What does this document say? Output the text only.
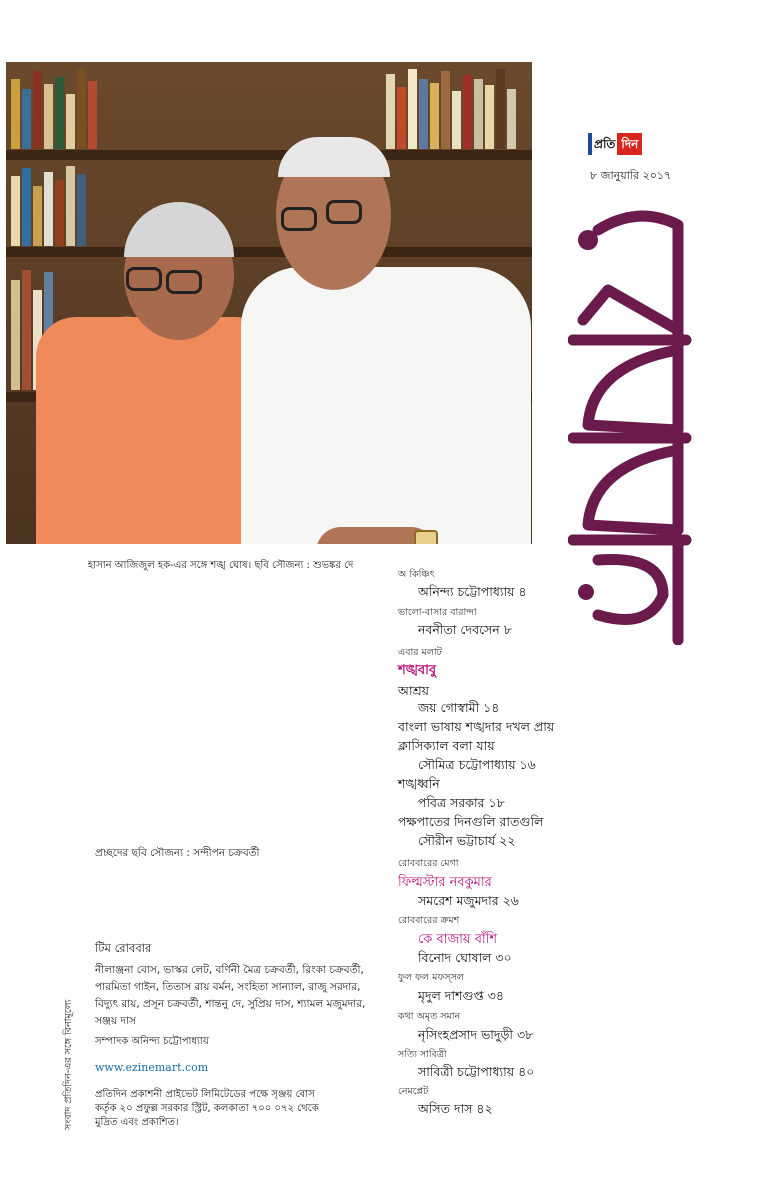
হাসান আজিজুল হক-এর সঙ্গে শঙ্খ ঘোষ। ছবি সৌজন্য : শুভঙ্কর দে
প্রতি দিন
৮ জানুয়ারি ২০১৭
অ কিঞ্চিৎ
অনিন্দ্য চট্টোপাধ্যায় ৪
ভালো-বাসার বারান্দা
নবনীতা দেবসেন ৮
এবার মলাট
শঙ্খবাবু
আশ্রয়
জয় গোস্বামী ১৪
বাংলা ভাষায় শঙ্খদার দখল প্রায়
ক্লাসিক্যাল বলা যায়
সৌমিত্র চট্টোপাধ্যায় ১৬
শঙ্খধ্বনি
পবিত্র সরকার ১৮
পক্ষপাতের দিনগুলি রাতগুলি
সৌরীন ভট্টাচার্য ২২
রোববারের মেগা
ফিল্মস্টার নবকুমার
সমরেশ মজুমদার ২৬
রোববারের ক্রমশ
কে বাজায় বাঁশি
বিনোদ ঘোষাল ৩০
ফুল ফল মফস্সল
মৃদুল দাশগুপ্ত ৩৪
কথা অমৃত সমান
নৃসিংহপ্রসাদ ভাদুড়ী ৩৮
সত্যি সাবিত্রী
সাবিত্রী চট্টোপাধ্যায় ৪০
নেমপ্লেট
অসিত দাস ৪২
প্রচ্ছদের ছবি সৌজন্য : সন্দীপন চক্রবর্তী
টিম রোববার
নীলাঞ্জনা বোস, ভাস্কর লেট, বর্ণিনী মৈত্র চক্রবর্তী, রিংকা চক্রবর্তী, পারমিতা গাইন, তিতাস রায় বর্মন, সংহিতা সান্যাল, রাজু সরদার, বিদ্যুৎ রায়, প্রসূন চক্রবর্তী, শান্তনু দে, সুপ্রিয় দাস, শ্যামল মজুমদার, সঞ্জয় দাস
সম্পাদক অনিন্দ্য চট্টোপাধ্যায়
www.ezinemart.com
প্রতিদিন প্রকাশনী প্রাইভেট লিমিটেডের পক্ষে সৃঞ্জয় বোস কর্তৃক ২০ প্রফুল্ল সরকার স্ট্রিট, কলকাতা ৭০০ ০৭২ থেকে মুদ্রিত এবং প্রকাশিত।
সংবাদ প্রতিদিন-এর সঙ্গে বিনামূল্যে
